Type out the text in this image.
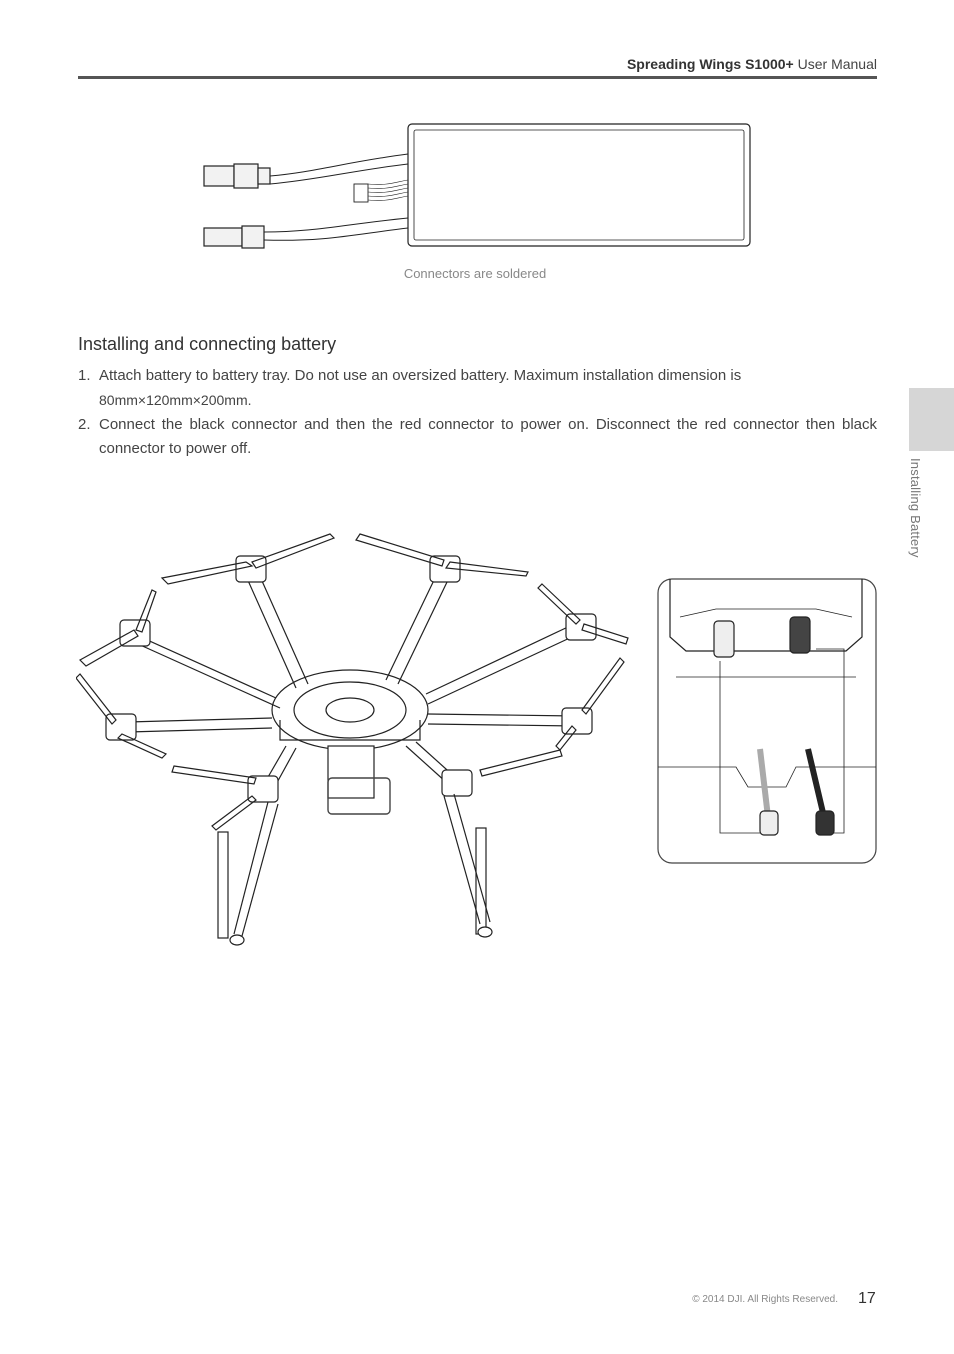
Spreading Wings S1000+ User Manual
Installing Battery
Connectors are soldered
Installing and connecting battery
1. Attach battery to battery tray. Do not use an oversized battery. Maximum installation dimension is
80mm×120mm×200mm.
2. Connect the black connector and then the red connector to power on. Disconnect the red connector then black connector to power off.
© 2014 DJI. All Rights Reserved. 17
